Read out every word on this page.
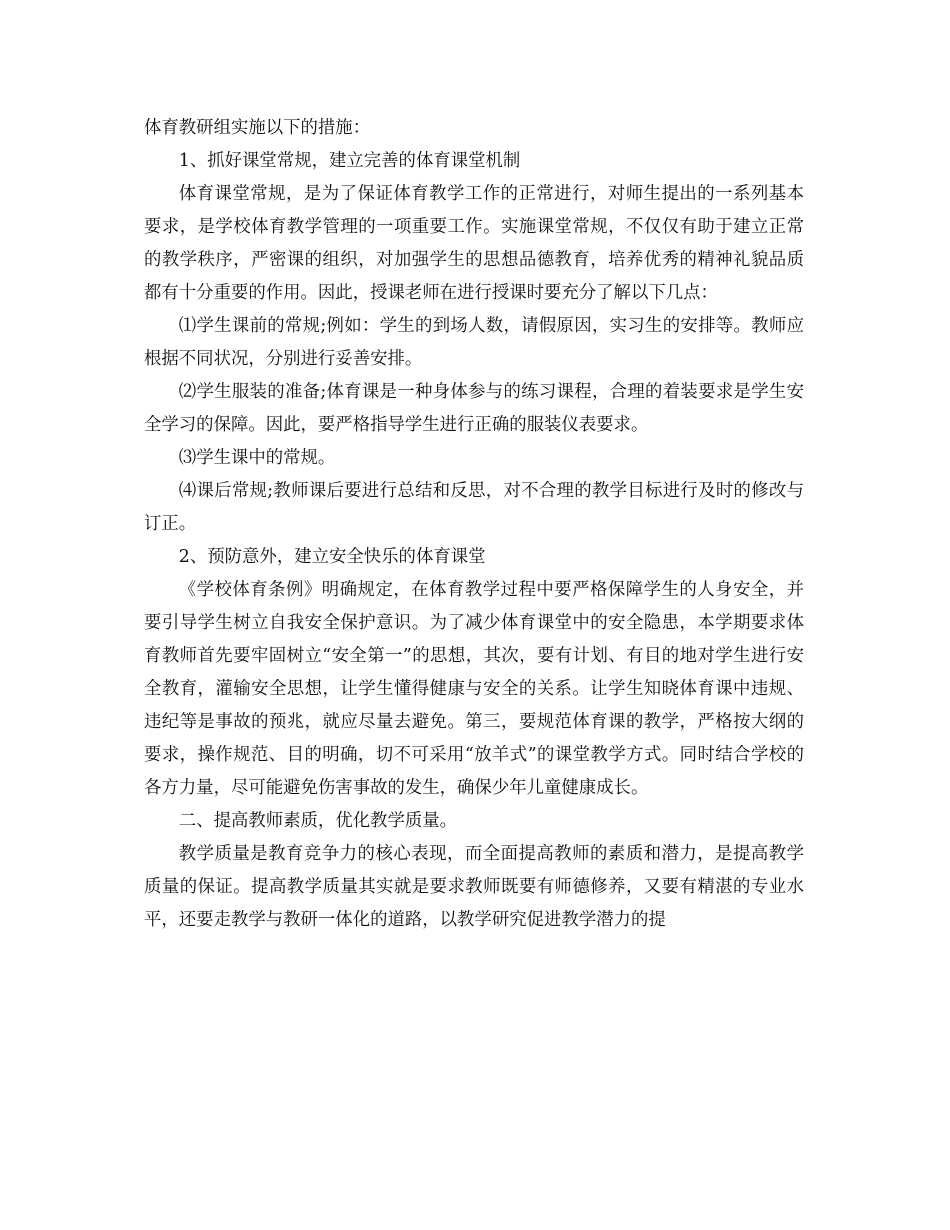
体育教研组实施以下的措施：

1、抓好课堂常规，建立完善的体育课堂机制

体育课堂常规，是为了保证体育教学工作的正常进行，对师生提出的一系列基本要求，是学校体育教学管理的一项重要工作。实施课堂常规，不仅仅有助于建立正常的教学秩序，严密课的组织，对加强学生的思想品德教育，培养优秀的精神礼貌品质都有十分重要的作用。因此，授课老师在进行授课时要充分了解以下几点：

⑴学生课前的常规;例如：学生的到场人数，请假原因，实习生的安排等。教师应根据不同状况，分别进行妥善安排。

⑵学生服装的准备;体育课是一种身体参与的练习课程，合理的着装要求是学生安全学习的保障。因此，要严格指导学生进行正确的服装仪表要求。

⑶学生课中的常规。

⑷课后常规;教师课后要进行总结和反思，对不合理的教学目标进行及时的修改与订正。

2、预防意外，建立安全快乐的体育课堂

《学校体育条例》明确规定，在体育教学过程中要严格保障学生的人身安全，并要引导学生树立自我安全保护意识。为了减少体育课堂中的安全隐患，本学期要求体育教师首先要牢固树立“安全第一”的思想，其次，要有计划、有目的地对学生进行安全教育，灌输安全思想，让学生懂得健康与安全的关系。让学生知晓体育课中违规、违纪等是事故的预兆，就应尽量去避免。第三，要规范体育课的教学，严格按大纲的要求，操作规范、目的明确，切不可采用“放羊式”的课堂教学方式。同时结合学校的各方力量，尽可能避免伤害事故的发生，确保少年儿童健康成长。

二、提高教师素质，优化教学质量。

教学质量是教育竞争力的核心表现，而全面提高教师的素质和潜力，是提高教学质量的保证。提高教学质量其实就是要求教师既要有师德修养，又要有精湛的专业水平，还要走教学与教研一体化的道路，以教学研究促进教学潜力的提
